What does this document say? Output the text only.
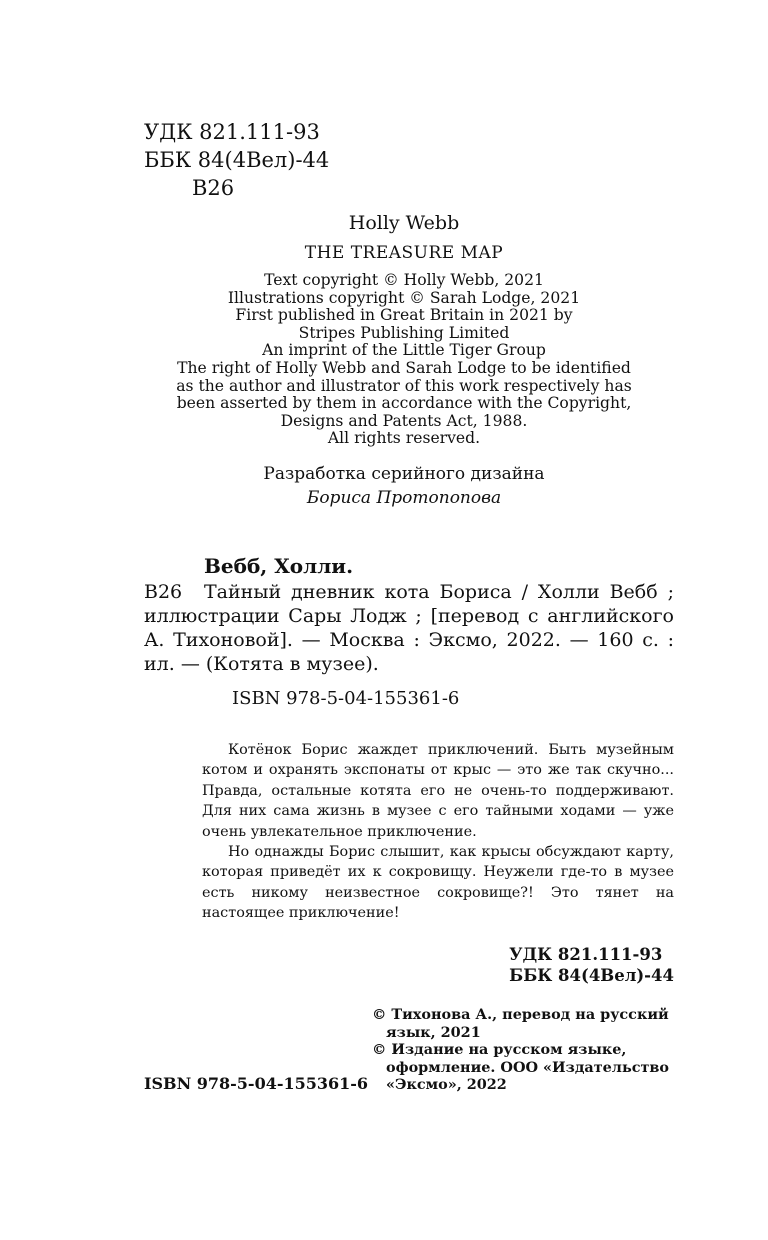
УДК 821.111-93
ББК 84(4Вел)-44
В26
Holly Webb
THE TREASURE MAP
Text copyright © Holly Webb, 2021
Illustrations copyright © Sarah Lodge, 2021
First published in Great Britain in 2021 by
Stripes Publishing Limited
An imprint of the Little Tiger Group
The right of Holly Webb and Sarah Lodge to be identified
as the author and illustrator of this work respectively has
been asserted by them in accordance with the Copyright,
Designs and Patents Act, 1988.
All rights reserved.
Разработка серийного дизайна
Бориса Протопопова
Вебб, Холли.
В26	Тайный дневник кота Бориса / Холли Вебб ; иллюстрации Сары Лодж ; [перевод с английского А. Тихоновой]. — Москва : Эксмо, 2022. — 160 с. : ил. — (Котята в музее).
ISBN 978-5-04-155361-6

Котёнок Борис жаждет приключений. Быть музейным котом и охранять экспонаты от крыс — это же так скучно... Правда, остальные котята его не очень-то поддерживают. Для них сама жизнь в музее с его тайными ходами — уже очень увлекательное приключение.

Но однажды Борис слышит, как крысы обсуждают карту, которая приведёт их к сокровищу. Неужели где-то в музее есть никому неизвестное сокровище?! Это тянет на настоящее приключение!

УДК 821.111-93
ББК 84(4Вел)-44
© Тихонова А., перевод на русский
язык, 2021
© Издание на русском языке,
оформление. ООО «Издательство
«Эксмо», 2022
ISBN 978-5-04-155361-6
